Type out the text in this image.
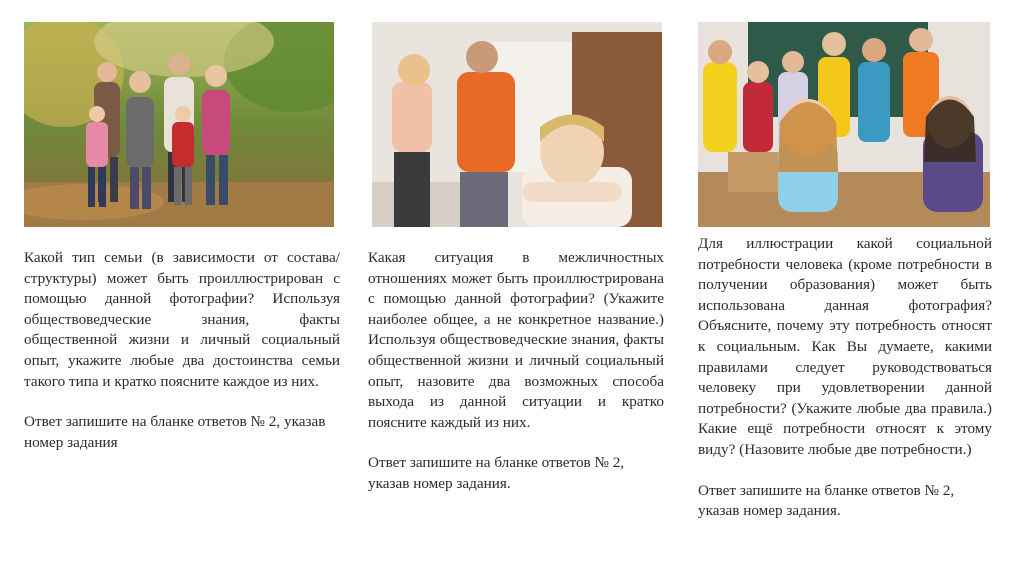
Какой тип семьи (в зависимости от состава/структуры) может быть проиллюстрирован с помощью данной фотографии? Используя обществоведческие знания, факты общественной жизни и личный социальный опыт, укажите любые два достоинства семьи такого типа и кратко поясните каждое из них.

Ответ запишите на бланке ответов № 2, указав номер задания

Какая ситуация в межличностных отношениях может быть проиллюстрирована с помощью данной фотографии? (Укажите наиболее общее, а не конкретное название.) Используя обществоведческие знания, факты общественной жизни и личный социальный опыт, назовите два возможных способа выхода из данной ситуации и кратко поясните каждый из них.

Ответ запишите на бланке ответов № 2, указав номер задания.

Для иллюстрации какой социальной потребности человека (кроме потребности в получении образования) может быть использована данная фотография? Объясните, почему эту потребность относят к социальным. Как Вы думаете, какими правилами следует руководствоваться человеку при удовлетворении данной потребности? (Укажите любые два правила.) Какие ещё потребности относят к этому виду? (Назовите любые две потребности.)

Ответ запишите на бланке ответов № 2, указав номер задания.
